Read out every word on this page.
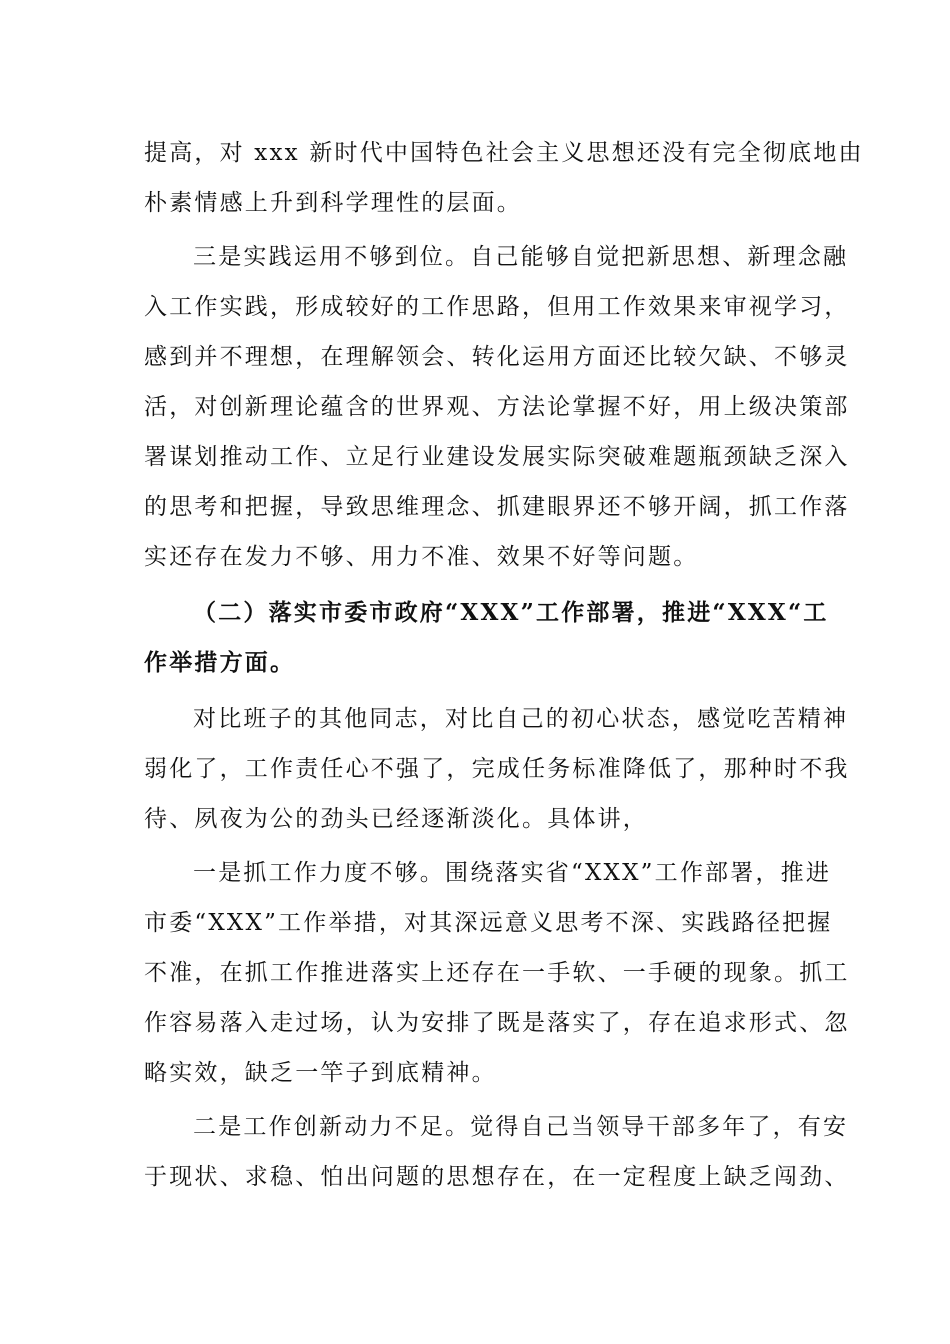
提高，对 xxx 新时代中国特色社会主义思想还没有完全彻底地由

朴素情感上升到科学理性的层面。

三是实践运用不够到位。自己能够自觉把新思想、新理念融

入工作实践，形成较好的工作思路，但用工作效果来审视学习，

感到并不理想，在理解领会、转化运用方面还比较欠缺、不够灵

活，对创新理论蕴含的世界观、方法论掌握不好，用上级决策部

署谋划推动工作、立足行业建设发展实际突破难题瓶颈缺乏深入

的思考和把握，导致思维理念、抓建眼界还不够开阔，抓工作落

实还存在发力不够、用力不准、效果不好等问题。

（二）落实市委市政府“XXX”工作部署，推进“XXX“工

作举措方面。

对比班子的其他同志，对比自己的初心状态，感觉吃苦精神

弱化了，工作责任心不强了，完成任务标准降低了，那种时不我

待、夙夜为公的劲头已经逐渐淡化。具体讲，

一是抓工作力度不够。围绕落实省“XXX”工作部署，推进

市委“XXX”工作举措，对其深远意义思考不深、实践路径把握

不准，在抓工作推进落实上还存在一手软、一手硬的现象。抓工

作容易落入走过场，认为安排了既是落实了，存在追求形式、忽

略实效，缺乏一竿子到底精神。

二是工作创新动力不足。觉得自己当领导干部多年了，有安

于现状、求稳、怕出问题的思想存在，在一定程度上缺乏闯劲、
